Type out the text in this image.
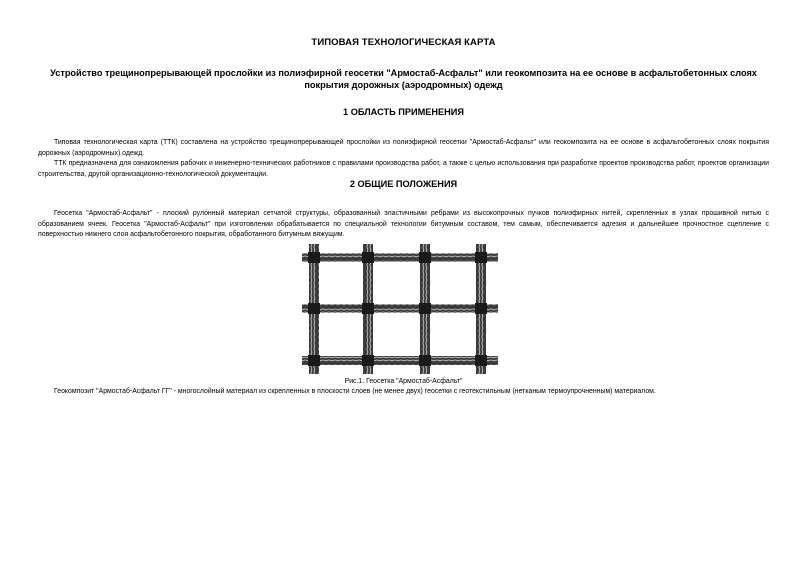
ТИПОВАЯ ТЕХНОЛОГИЧЕСКАЯ КАРТА
Устройство трещинопрерывающей прослойки из полиэфирной геосетки "Армостаб-Асфальт" или геокомпозита на ее основе в асфальтобетонных слоях покрытия дорожных (аэродромных) одежд
1 ОБЛАСТЬ ПРИМЕНЕНИЯ

Типовая технологическая карта (ТТК) составлена на устройство трещинопрерывающей прослойки из полиэфирной геосетки "Армостаб-Асфальт" или геокомпозита на ее основе в асфальтобетонных слоях покрытия дорожных (аэродромных) одежд.

ТТК предназначена для ознакомления рабочих и инженерно-технических работников с правилами производства работ, а также с целью использования при разработке проектов производства работ, проектов организации строительства, другой организационно-технологической документации.

2 ОБЩИЕ ПОЛОЖЕНИЯ

Геосетка "Армостаб-Асфальт" - плоский рулонный материал сетчатой структуры, образованный эластичными ребрами из высокопрочных пучков полиэфирных нитей, скрепленных в узлах прошивной нитью с образованием ячеек. Геосетка "Армостаб-Асфальт" при изготовлении обрабатывается по специальной технологии битумным составом, тем самым, обеспечивается адгезия и дальнейшее прочностное сцепление с поверхностью нижнего слоя асфальтобетонного покрытия, обработанного битумным вяжущим.

Рис.1. Геосетка "Армостаб-Асфальт"

Геокомпозит "Армостаб-Асфальт ГГ" - многослойный материал из скрепленных в плоскости слоев (не менее двух) геосетки с геотекстильным (нетканым термоупрочненным) материалом.
